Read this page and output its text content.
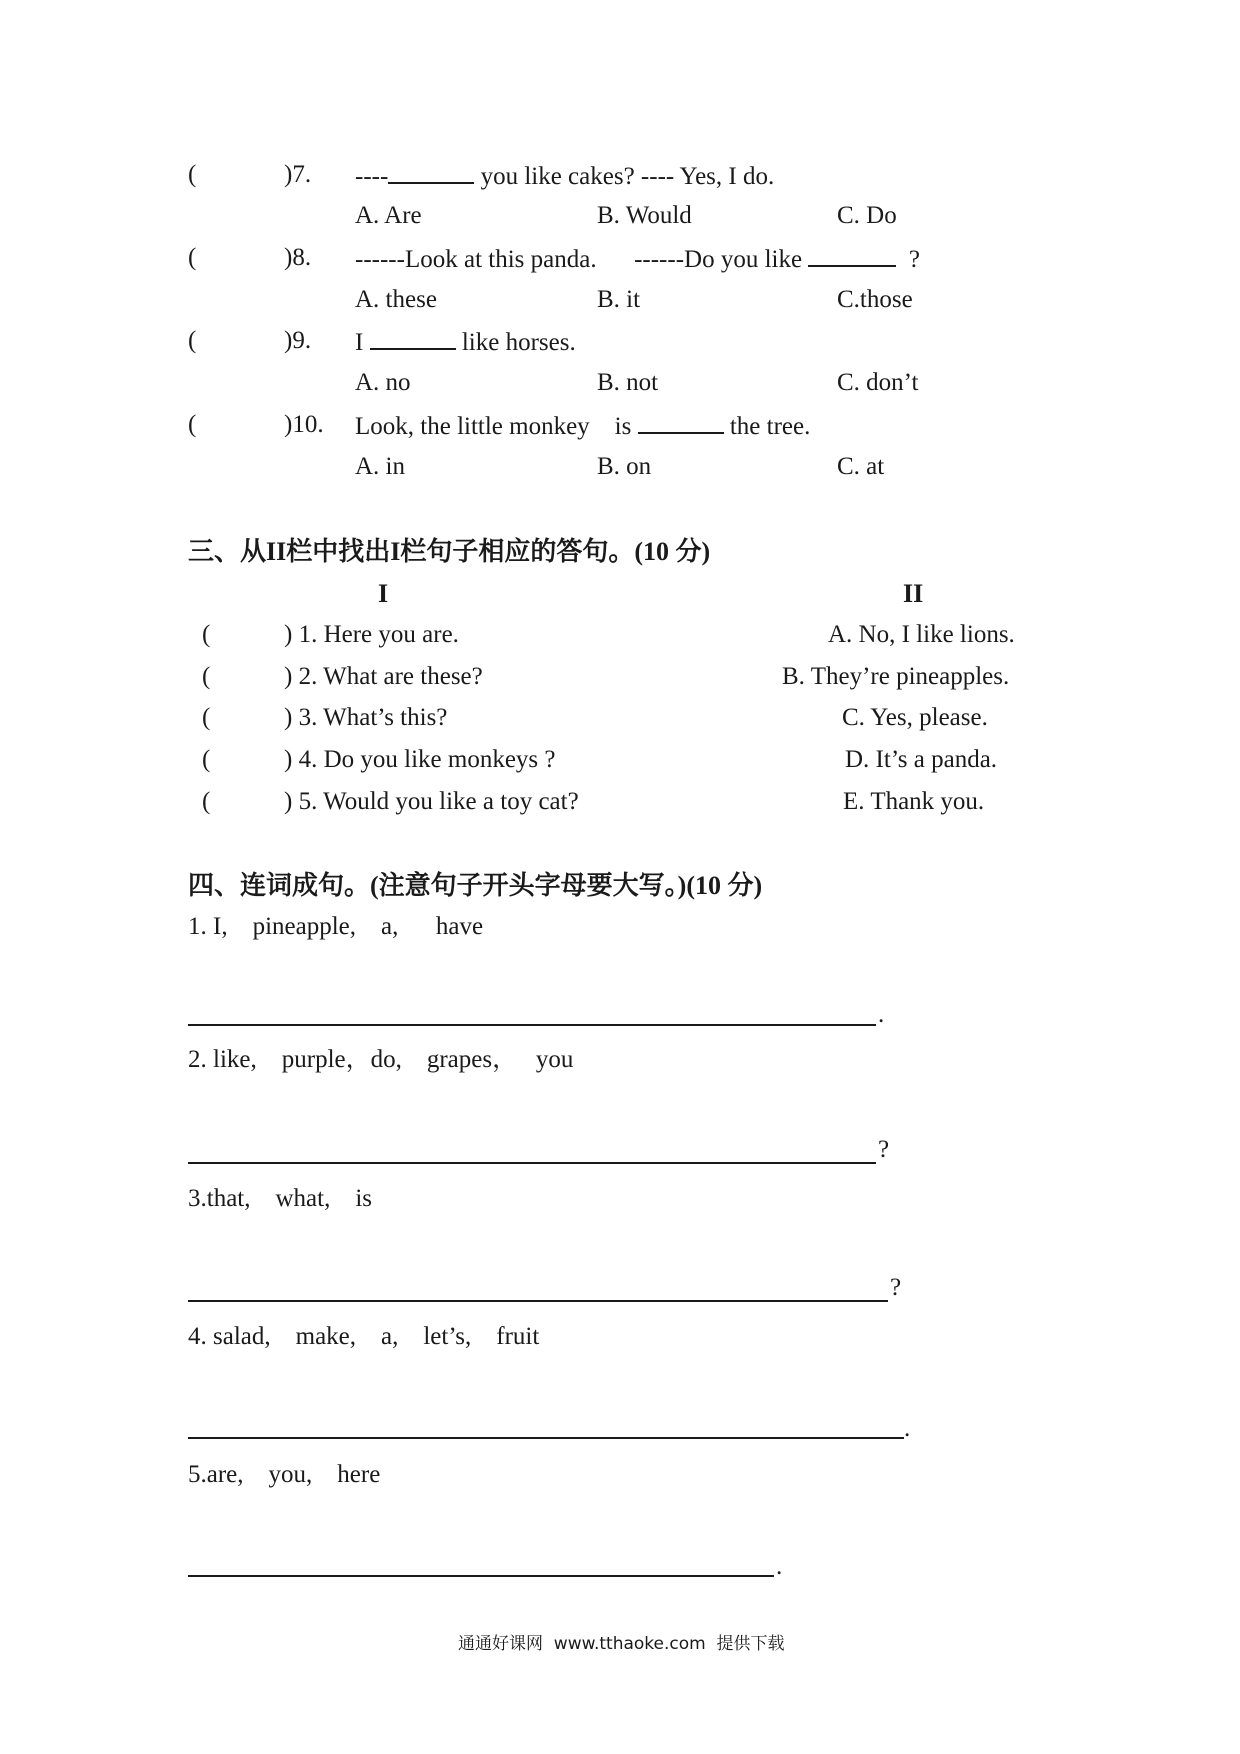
(	)7. ----	you like cakes? ---- Yes, I do.
A. Are	B. Would	C. Do
(	)8. ------Look at this panda.      ------Do you like	?
A. these	B. it	C.those
(	)9. I	like horses.
A. no	B. not	C. don’t
(	)10. Look, the little monkey    is	the tree.
A. in	B. on	C. at
三、从II栏中找出I栏句子相应的答句。(10 分)
I	II
(	) 1. Here you are.	A. No, I like lions.
(	) 2. What are these?	B. They’re pineapples.
(	) 3. What’s this?	C. Yes, please.
(	) 4. Do you like monkeys ?	D. It’s a panda.
(	) 5. Would you like a toy cat?	E. Thank you.
四、连词成句。(注意句子开头字母要大写。)(10 分)
1. I,    pineapple,    a,      have
.
2. like,    purple，do,    grapes，   you
?
3.that,    what,    is
?
4. salad,    make,    a,    let’s,    fruit
.
5.are,    you,    here
.
通通好课网  www.tthaoke.com  提供下载
